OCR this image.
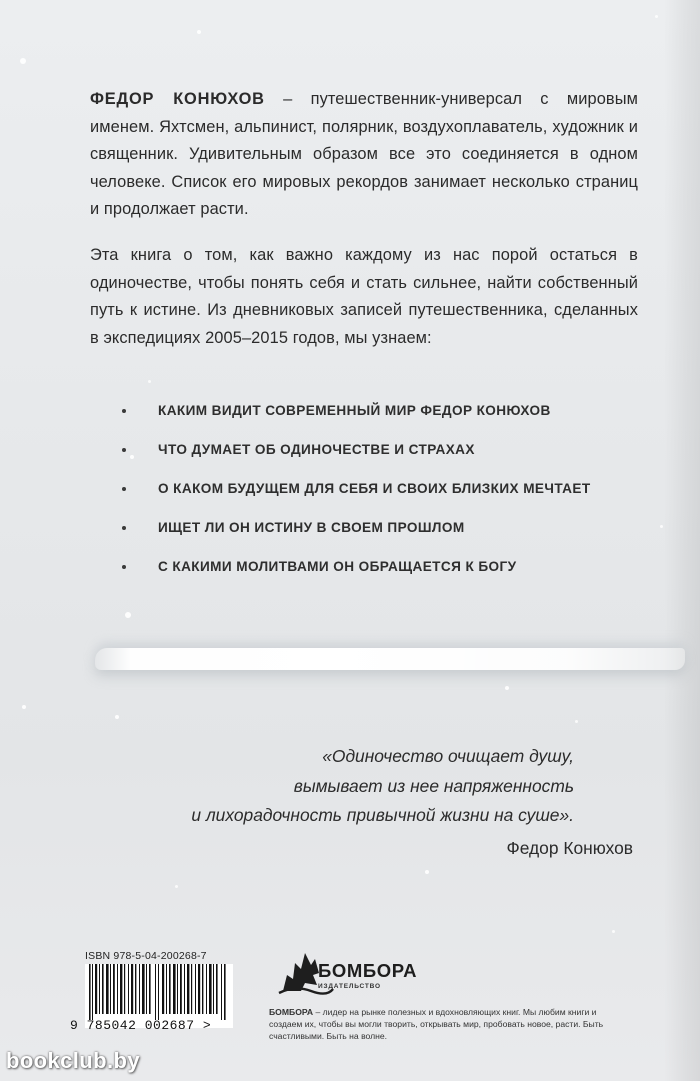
ФЕДОР КОНЮХОВ – путешественник-универсал с мировым именем. Яхтсмен, альпинист, полярник, воздухоплаватель, художник и священник. Удивительным образом все это соединяется в одном человеке. Список его мировых рекордов занимает несколько страниц и продолжает расти.

Эта книга о том, как важно каждому из нас порой остаться в одиночестве, чтобы понять себя и стать сильнее, найти собственный путь к истине. Из дневниковых записей путешественника, сделанных в экспедициях 2005–2015 годов, мы узнаем:

КАКИМ ВИДИТ СОВРЕМЕННЫЙ МИР ФЕДОР КОНЮХОВ
ЧТО ДУМАЕТ ОБ ОДИНОЧЕСТВЕ И СТРАХАХ
О КАКОМ БУДУЩЕМ ДЛЯ СЕБЯ И СВОИХ БЛИЗКИХ МЕЧТАЕТ
ИЩЕТ ЛИ ОН ИСТИНУ В СВОЕМ ПРОШЛОМ
С КАКИМИ МОЛИТВАМИ ОН ОБРАЩАЕТСЯ К БОГУ
«Одиночество очищает душу,
вымывает из нее напряженность
и лихорадочность привычной жизни на суше».
Федор Конюхов
ISBN 978-5-04-200268-7
9 785042 002687 >
БОМБОРА
ИЗДАТЕЛЬСТВО

БОМБОРА – лидер на рынке полезных и вдохновляющих книг. Мы любим книги и создаем их, чтобы вы могли творить, открывать мир, пробовать новое, расти. Быть счастливыми. Быть на волне.

bookclub.by
